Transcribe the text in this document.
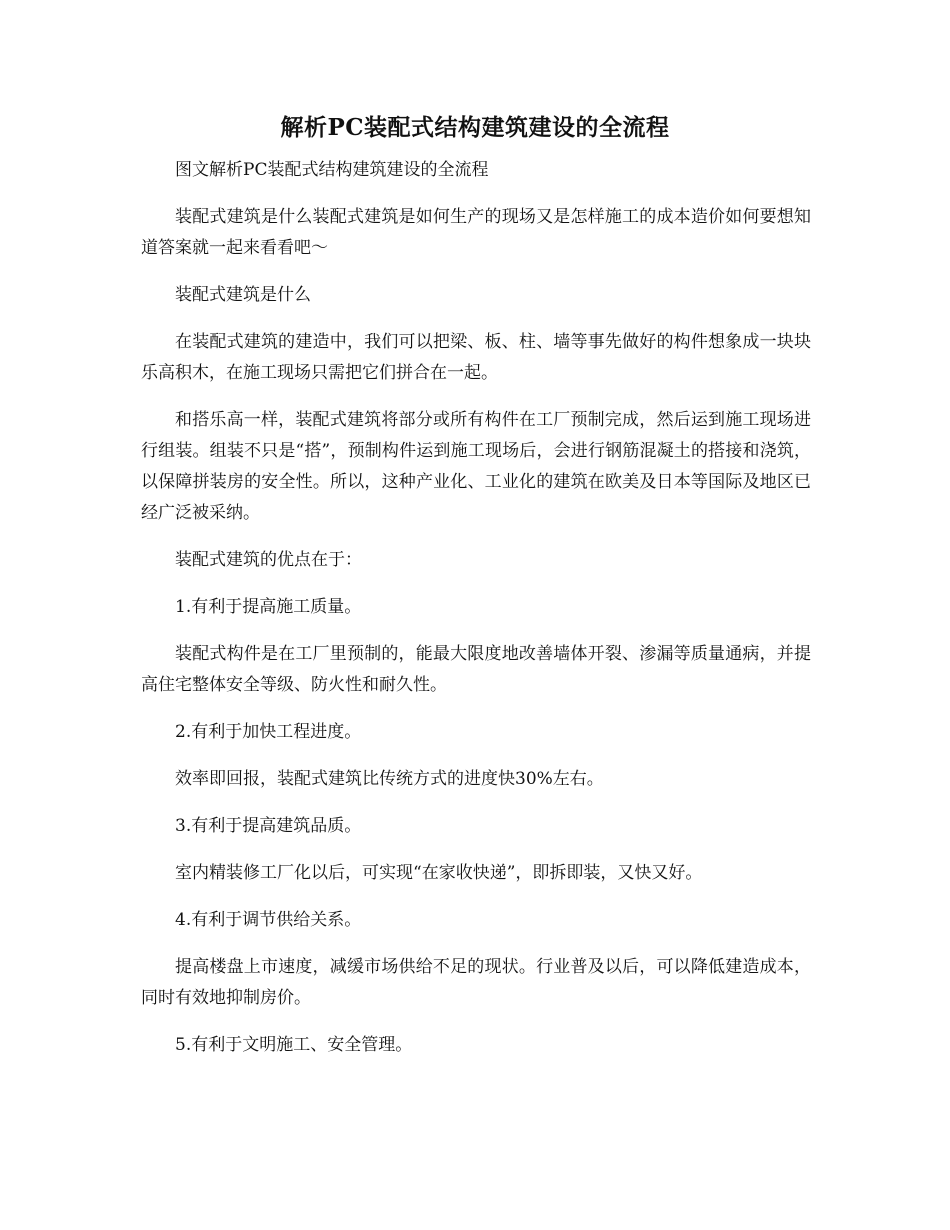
解析PC装配式结构建筑建设的全流程

图文解析PC装配式结构建筑建设的全流程

装配式建筑是什么装配式建筑是如何生产的现场又是怎样施工的成本造价如何要想知道答案就一起来看看吧～

装配式建筑是什么

在装配式建筑的建造中，我们可以把梁、板、柱、墙等事先做好的构件想象成一块块乐高积木，在施工现场只需把它们拼合在一起。

和搭乐高一样，装配式建筑将部分或所有构件在工厂预制完成，然后运到施工现场进行组装。组装不只是“搭”，预制构件运到施工现场后，会进行钢筋混凝土的搭接和浇筑，以保障拼装房的安全性。所以，这种产业化、工业化的建筑在欧美及日本等国际及地区已经广泛被采纳。

装配式建筑的优点在于：

1.有利于提高施工质量。

装配式构件是在工厂里预制的，能最大限度地改善墙体开裂、渗漏等质量通病，并提高住宅整体安全等级、防火性和耐久性。

2.有利于加快工程进度。

效率即回报，装配式建筑比传统方式的进度快30%左右。

3.有利于提高建筑品质。

室内精装修工厂化以后，可实现“在家收快递”，即拆即装，又快又好。

4.有利于调节供给关系。

提高楼盘上市速度，减缓市场供给不足的现状。行业普及以后，可以降低建造成本，同时有效地抑制房价。

5.有利于文明施工、安全管理。
